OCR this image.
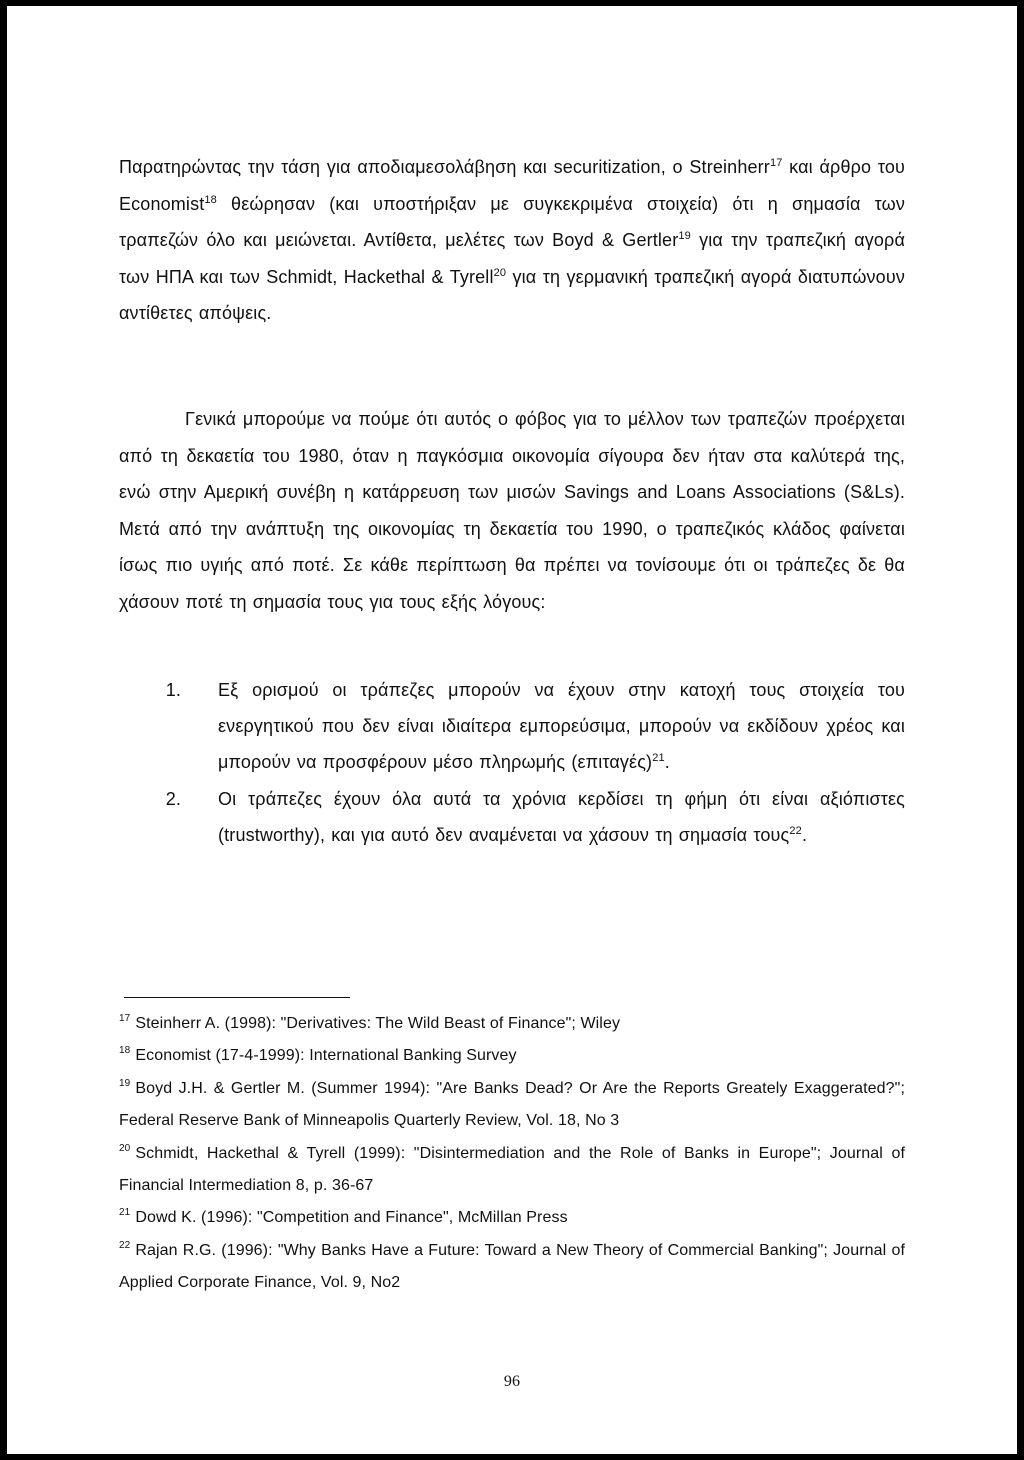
Παρατηρώντας την τάση για αποδιαμεσολάβηση και securitization, ο Streinherr$^{17}$ και άρθρο του Economist$^{18}$ θεώρησαν (και υποστήριξαν με συγκεκριμένα στοιχεία) ότι η σημασία των τραπεζών όλο και μειώνεται. Αντίθετα, μελέτες των Boyd & Gertler$^{19}$ για την τραπεζική αγορά των ΗΠΑ και των Schmidt, Hackethal & Tyrell$^{20}$ για τη γερμανική τραπεζική αγορά διατυπώνουν αντίθετες απόψεις.

Γενικά μπορούμε να πούμε ότι αυτός ο φόβος για το μέλλον των τραπεζών προέρχεται από τη δεκαετία του 1980, όταν η παγκόσμια οικονομία σίγουρα δεν ήταν στα καλύτερά της, ενώ στην Αμερική συνέβη η κατάρρευση των μισών Savings and Loans Associations (S&Ls). Μετά από την ανάπτυξη της οικονομίας τη δεκαετία του 1990, ο τραπεζικός κλάδος φαίνεται ίσως πιο υγιής από ποτέ. Σε κάθε περίπτωση θα πρέπει να τονίσουμε ότι οι τράπεζες δε θα χάσουν ποτέ τη σημασία τους για τους εξής λόγους:

1.	Εξ ορισμού οι τράπεζες μπορούν να έχουν στην κατοχή τους στοιχεία του ενεργητικού που δεν είναι ιδιαίτερα εμπορεύσιμα, μπορούν να εκδίδουν χρέος και μπορούν να προσφέρουν μέσο πληρωμής $(\varepsilon\pi\iota\tau\alpha\gamma έ\varsigma)^{21}$.
2.	Οι τράπεζες έχουν όλα αυτά τα χρόνια κερδίσει τη φήμη ότι είναι αξιόπιστες (trustworthy), και για αυτό δεν αναμένεται να χάσουν τη σημασία τους$^{22}$.

$^{17}$ Steinherr A. (1998): "Derivatives: The Wild Beast of Finance"; Wiley

$^{18}$ Economist (17-4-1999): International Banking Survey

$^{19}$ Boyd J.H. & Gertler M. (Summer 1994): "Are Banks Dead? Or Are the Reports Greately Exaggerated?"; Federal Reserve Bank of Minneapolis Quarterly Review, Vol. 18, No 3

$^{20}$ Schmidt, Hackethal & Tyrell (1999): "Disintermediation and the Role of Banks in Europe"; Journal of Financial Intermediation 8, p. 36-67

$^{21}$ Dowd K. (1996): "Competition and Finance", McMillan Press

$^{22}$ Rajan R.G. (1996): "Why Banks Have a Future: Toward a New Theory of Commercial Banking"; Journal of Applied Corporate Finance, Vol. 9, No2

96
